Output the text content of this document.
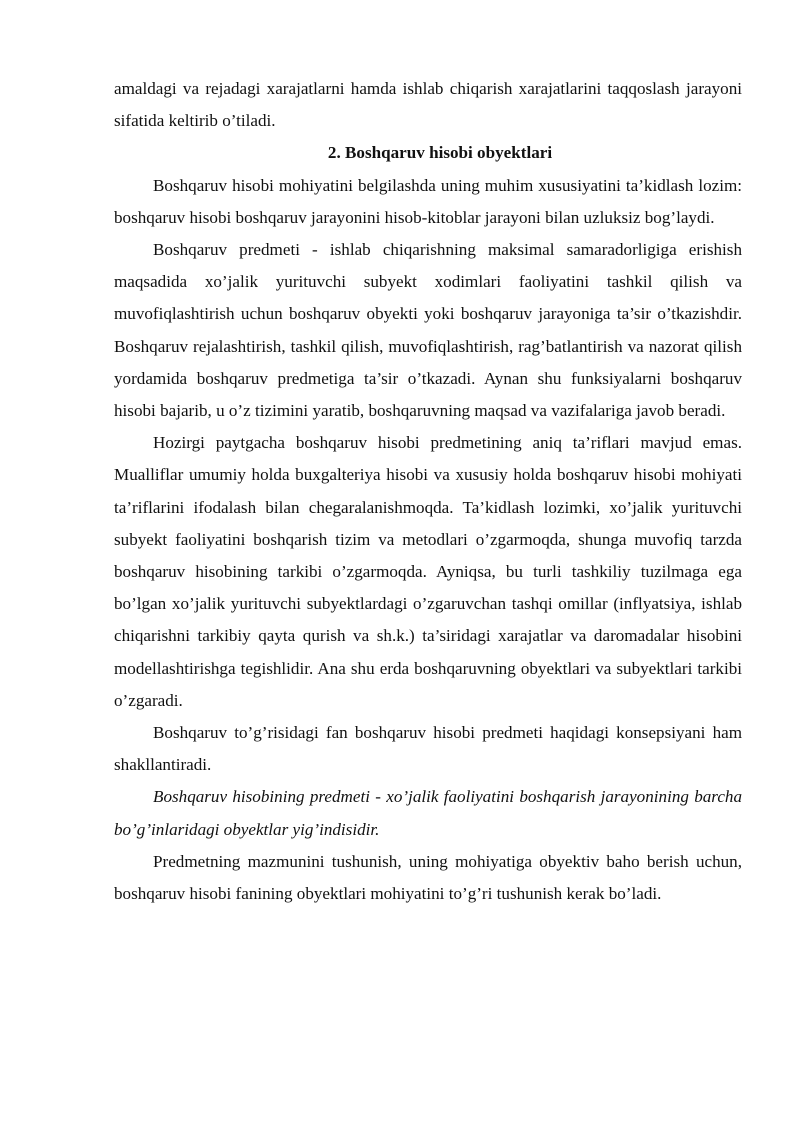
amaldagi va rejadagi xarajatlarni hamda ishlab chiqarish xarajatlarini taqqoslash jarayoni sifatida keltirib o’tiladi.

2. Boshqaruv hisobi obyektlari

Boshqaruv hisobi mohiyatini belgilashda uning muhim xususiyatini ta’kidlash lozim: boshqaruv hisobi boshqaruv jarayonini hisob-kitoblar jarayoni bilan uzluksiz bog’laydi.

Boshqaruv predmeti - ishlab chiqarishning maksimal samaradorligiga erishish maqsadida xo’jalik yurituvchi subyekt xodimlari faoliyatini tashkil qilish va muvofiqlashtirish uchun boshqaruv obyekti yoki boshqaruv jarayoniga ta’sir o’tkazishdir. Boshqaruv rejalashtirish, tashkil qilish, muvofiqlashtirish, rag’batlantirish va nazorat qilish yordamida boshqaruv predmetiga ta’sir o’tkazadi. Aynan shu funksiyalarni boshqaruv hisobi bajarib, u o’z tizimini yaratib, boshqaruvning maqsad va vazifalariga javob beradi.

Hozirgi paytgacha boshqaruv hisobi predmetining aniq ta’riflari mavjud emas. Mualliflar umumiy holda buxgalteriya hisobi va xususiy holda boshqaruv hisobi mohiyati ta’riflarini ifodalash bilan chegaralanishmoqda. Ta’kidlash lozimki, xo’jalik yurituvchi subyekt faoliyatini boshqarish tizim va metodlari o’zgarmoqda, shunga muvofiq tarzda boshqaruv hisobining tarkibi o’zgarmoqda. Ayniqsa, bu turli tashkiliy tuzilmaga ega bo’lgan xo’jalik yurituvchi subyektlardagi o’zgaruvchan tashqi omillar (inflyatsiya, ishlab chiqarishni tarkibiy qayta qurish va sh.k.) ta’siridagi xarajatlar va daromadalar hisobini modellashtirishga tegishlidir. Ana shu erda boshqaruvning obyektlari va subyektlari tarkibi o’zgaradi.

Boshqaruv to’g’risidagi fan boshqaruv hisobi predmeti haqidagi konsepsiyani ham shakllantiradi.

Boshqaruv hisobining predmeti - xo’jalik faoliyatini boshqarish jarayonining barcha bo’g’inlaridagi obyektlar yig’indisidir.

Predmetning mazmunini tushunish, uning mohiyatiga obyektiv baho berish uchun, boshqaruv hisobi fanining obyektlari mohiyatini to’g’ri tushunish kerak bo’ladi.
